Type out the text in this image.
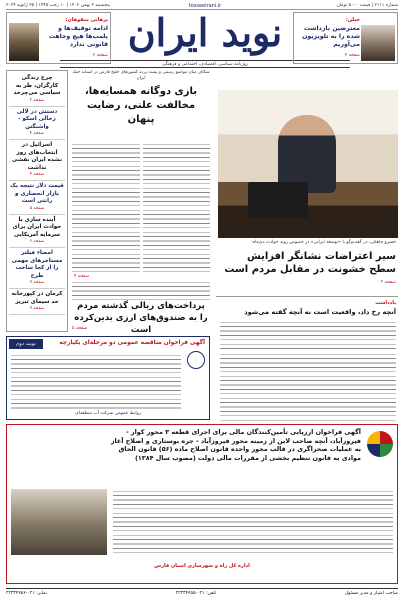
شماره ۲۱۱۱ | قیمت ۵۰۰۰ تومان
پنجشنبه ۲ بهمن ۱۴۰۲ | ۱۰ رجب ۱۴۴۵ | ۲۵ ژانویه ۲۰۲۴	tosseeirani.ir
نوید ایران
روزنامه سیاسی، اقتصادی، اجتماعی و فرهنگی
جیلن:
معترضین بازداشت شده را به تلویزیون می‌آوریم
صفحه ۲
برهانی متقوهان:
ادامه توقیف‌ها و پلمب‌ها هیچ وجاهت قانونی ندارد
صفحه ۲
چرخ زندگی کارگران، ظر به سیاسی می‌چرخد
صفحه ۲
دستش در لالی رخالی اسکو - واشنگتن
صفحه ۴
اسرائیل در انتخاب‌های روز نشده ایران نقشی نداشت
صفحه ۴
قیمت دلار نتیجه یک بازار انحصاری و رانتی است
صفحه ۵
آینده سازی با حوادث ایران برای سرمایه آمریکایی
صفحه ۶
امضاء فیلتر مستاجر‌های مهمی را از کجا ساخت طرح
صفحه ۷
کرمان در کپورخانه حد سیمای تبریز
صفحه ۷
شکاف میان مواضع رسمی و پشت پرده کشورهای خلیج فارس در آستانه جنگ ایران
بازی دوگانه همسایه‌ها، مخالفت علنی، رضایت پنهان
صفحه ۴
خسرو چاهکی، در گفت‌وگو با «توسعه ایرانی» در خصوص روند حوادث دی‌ماه:
سیر اعتراضات نشانگر افزایش سطح خشونت در مقابل مردم است
صفحه ۳
پرداخت‌های ریالی گذشته مردم را به صندوق‌های ارزی بدین‌کرده است
صفحه ۵
یادداشت
آنچه رخ داد، واقعیت است نه آنچه گفته می‌شود
نوبت دوم	آگهی فراخوان مناقصه عمومی دو مرحله‌ای یکپارچه
روابط عمومی شرکت آب منطقه‌ای
آگهی فراخوان ارزیابی تأمین‌کنندگان مالی برای اجرای قطعه ۳ محور کوار - فیروزآباد، آنچه صاحب لاین از زمینه محور فیروزآباد - جره بوستاری و اصلاح آغاز به عملیات صحراگری در قالب محور واحده قانون اصلاح ماده (۵۶) قانون الحاق موادی به قانون تنظیم بخشی از مقررات مالی دولت (مصوب سال ۱۳۸۴)
اداره کل راه و شهرسازی استان فارس
صاحب امتیاز و مدیر مسئول
تلفن: ۰۲۱-۲۲۳۳۴۴۵۵
نمابر: ۰۲۱-۲۲۳۳۴۴۵۶
